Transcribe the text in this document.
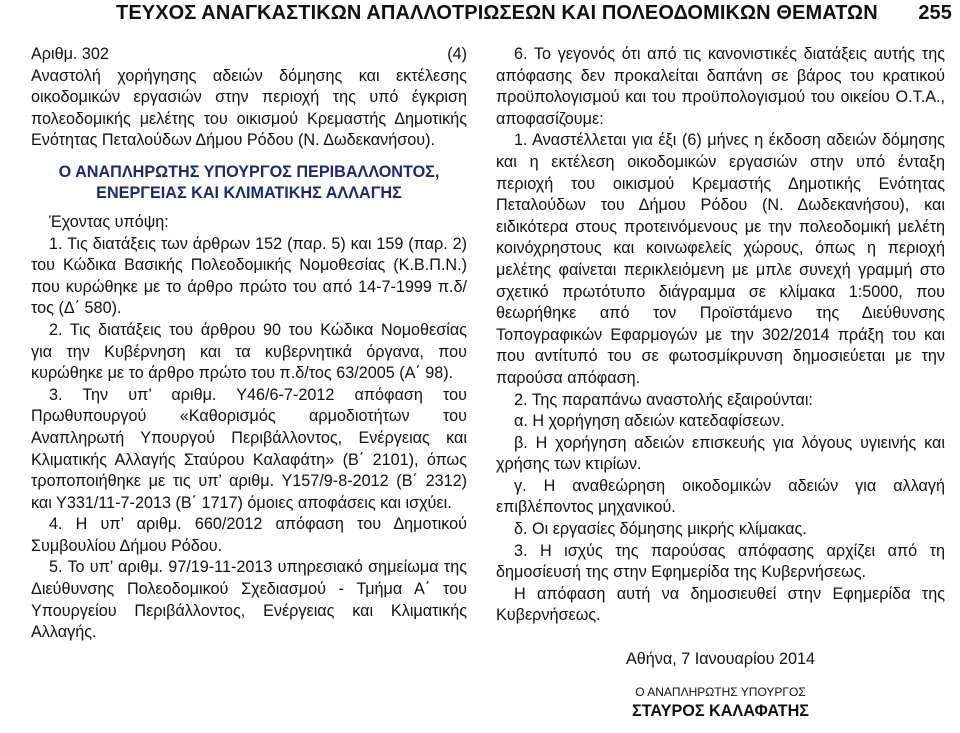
ΤΕΥΧΟΣ ΑΝΑΓΚΑΣΤΙΚΩΝ ΑΠΑΛΛΟΤΡΙΩΣΕΩΝ ΚΑΙ ΠΟΛΕΟΔΟΜΙΚΩΝ ΘΕΜΑΤΩΝ 255
Αριθμ. 302	(4)

Αναστολή χορήγησης αδειών δόμησης και εκτέλεσης οικοδομικών εργασιών στην περιοχή της υπό έγκριση πολεοδομικής μελέτης του οικισμού Κρεμαστής Δημοτικής Ενότητας Πεταλούδων Δήμου Ρόδου (Ν. Δωδεκανήσου).

Ο ΑΝΑΠΛΗΡΩΤΗΣ ΥΠΟΥΡΓΟΣ ΠΕΡΙΒΑΛΛΟΝΤΟΣ, ΕΝΕΡΓΕΙΑΣ ΚΑΙ ΚΛΙΜΑΤΙΚΗΣ ΑΛΛΑΓΗΣ

Έχοντας υπόψη:

1. Τις διατάξεις των άρθρων 152 (παρ. 5) και 159 (παρ. 2) του Κώδικα Βασικής Πολεοδομικής Νομοθεσίας (Κ.Β.Π.Ν.) που κυρώθηκε με το άρθρο πρώτο του από 14-7-1999 π.δ/τος (Δ΄ 580).

2. Τις διατάξεις του άρθρου 90 του Κώδικα Νομοθεσίας για την Κυβέρνηση και τα κυβερνητικά όργανα, που κυρώθηκε με το άρθρο πρώτο του π.δ/τος 63/2005 (Α΄ 98).

3. Την υπ’ αριθμ. Υ46/6-7-2012 απόφαση του Πρωθυπουργού «Καθορισμός αρμοδιοτήτων του Αναπληρωτή Υπουργού Περιβάλλοντος, Ενέργειας και Κλιματικής Αλλαγής Σταύρου Καλαφάτη» (Β΄ 2101), όπως τροποποιήθηκε με τις υπ’ αριθμ. Υ157/9-8-2012 (Β΄ 2312) και Υ331/11-7-2013 (Β΄ 1717) όμοιες αποφάσεις και ισχύει.

4. Η υπ’ αριθμ. 660/2012 απόφαση του Δημοτικού Συμβουλίου Δήμου Ρόδου.

5. Το υπ’ αριθμ. 97/19-11-2013 υπηρεσιακό σημείωμα της Διεύθυνσης Πολεοδομικού Σχεδιασμού - Τμήμα Α΄ του Υπουργείου Περιβάλλοντος, Ενέργειας και Κλιματικής Αλλαγής.

6. Το γεγονός ότι από τις κανονιστικές διατάξεις αυτής της απόφασης δεν προκαλείται δαπάνη σε βάρος του κρατικού προϋπολογισμού και του προϋπολογισμού του οικείου Ο.Τ.Α., αποφασίζουμε:

1. Αναστέλλεται για έξι (6) μήνες η έκδοση αδειών δόμησης και η εκτέλεση οικοδομικών εργασιών στην υπό ένταξη περιοχή του οικισμού Κρεμαστής Δημοτικής Ενότητας Πεταλούδων του Δήμου Ρόδου (Ν. Δωδεκανήσου), και ειδικότερα στους προτεινόμενους με την πολεοδομική μελέτη κοινόχρηστους και κοινωφελείς χώρους, όπως η περιοχή μελέτης φαίνεται περικλειόμενη με μπλε συνεχή γραμμή στο σχετικό πρωτότυπο διάγραμμα σε κλίμακα 1:5000, που θεωρήθηκε από τον Προϊστάμενο της Διεύθυνσης Τοπογραφικών Εφαρμογών με την 302/2014 πράξη του και που αντίτυπό του σε φωτοσμίκρυνση δημοσιεύεται με την παρούσα απόφαση.

2. Της παραπάνω αναστολής εξαιρούνται:

α. Η χορήγηση αδειών κατεδαφίσεων.

β. Η χορήγηση αδειών επισκευής για λόγους υγιεινής και χρήσης των κτιρίων.

γ. Η αναθεώρηση οικοδομικών αδειών για αλλαγή επιβλέποντος μηχανικού.

δ. Οι εργασίες δόμησης μικρής κλίμακας.

3. Η ισχύς της παρούσας απόφασης αρχίζει από τη δημοσίευσή της στην Εφημερίδα της Κυβερνήσεως.

Η απόφαση αυτή να δημοσιευθεί στην Εφημερίδα της Κυβερνήσεως.

Αθήνα, 7 Ιανουαρίου 2014

Ο ΑΝΑΠΛΗΡΩΤΗΣ ΥΠΟΥΡΓΟΣ

ΣΤΑΥΡΟΣ ΚΑΛΑΦΑΤΗΣ
